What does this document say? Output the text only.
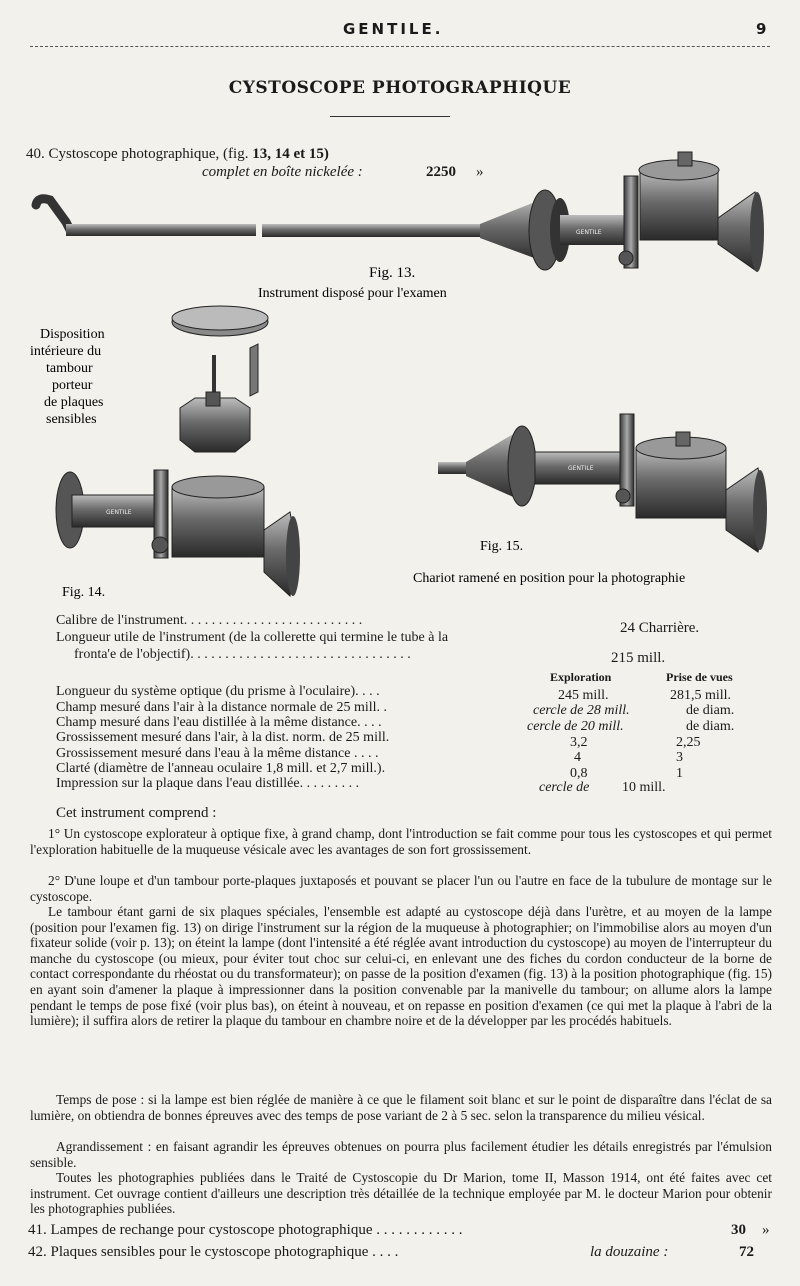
GENTILE.	9
CYSTOSCOPE PHOTOGRAPHIQUE
40. Cystoscope photographique, (fig. 13, 14 et 15)
complet en boîte nickelée :	2250 »
GENTILE
Fig. 13.
Instrument disposé pour l'examen
Disposition
intérieure du
tambour
porteur
de plaques
sensibles
GENTILE
Fig. 14.
GENTILE
Fig. 15.
Chariot ramené en position pour la photographie
Calibre de l'instrument. . . . . . . . . . . . . . . . . . . . . . . . . .	24 Charrière.
Longueur utile de l'instrument (de la collerette qui termine le tube à la
fronta'e de l'objectif). . . . . . . . . . . . . . . . . . . . . . . . . . . . . . . .	215 mill.
Exploration	Prise de vues
Longueur du système optique (du prisme à l'oculaire). . . .	245 mill.	281,5 mill.
Champ mesuré dans l'air à la distance normale de 25 mill. .	cercle de 28 mill.	de diam.
Champ mesuré dans l'eau distillée à la même distance. . . .	cercle de 20 mill.	de diam.
Grossissement mesuré dans l'air, à la dist. norm. de 25 mill.	3,2	2,25
Grossissement mesuré dans l'eau à la même distance . . . .	4	3
Clarté (diamètre de l'anneau oculaire 1,8 mill. et 2,7 mill.).	0,8	1
Impression sur la plaque dans l'eau distillée. . . . . . . . .	cercle de 10 mill.
Cet instrument comprend :
1° Un cystoscope explorateur à optique fixe, à grand champ, dont l'introduction se fait comme pour tous les cystoscopes et qui permet l'exploration habituelle de la muqueuse vésicale avec les avantages de son fort grossissement.
2° D'une loupe et d'un tambour porte-plaques juxtaposés et pouvant se placer l'un ou l'autre en face de la tubulure de montage sur le cystoscope.
Le tambour étant garni de six plaques spéciales, l'ensemble est adapté au cystoscope déjà dans l'urètre, et au moyen de la lampe (position pour l'examen fig. 13) on dirige l'instrument sur la région de la muqueuse à photographier; on l'immobilise alors au moyen d'un fixateur solide (voir p. 13); on éteint la lampe (dont l'intensité a été réglée avant introduction du cystoscope) au moyen de l'interrupteur du manche du cystoscope (ou mieux, pour éviter tout choc sur celui-ci, en enlevant une des fiches du cordon conducteur de la borne de contact correspondante du rhéostat ou du transformateur); on passe de la position d'examen (fig. 13) à la position photographique (fig. 15) en ayant soin d'amener la plaque à impressionner dans la position convenable par la manivelle du tambour; on allume alors la lampe pendant le temps de pose fixé (voir plus bas), on éteint à nouveau, et on repasse en position d'examen (ce qui met la plaque à l'abri de la lumière); il suffira alors de retirer la plaque du tambour en chambre noire et de la développer par les procédés habituels.
Temps de pose : si la lampe est bien réglée de manière à ce que le filament soit blanc et sur le point de disparaître dans l'éclat de sa lumière, on obtiendra de bonnes épreuves avec des temps de pose variant de 2 à 5 sec. selon la transparence du milieu vésical.
Agrandissement : en faisant agrandir les épreuves obtenues on pourra plus facilement étudier les détails enregistrés par l'émulsion sensible.
Toutes les photographies publiées dans le Traité de Cystoscopie du Dr Marion, tome II, Masson 1914, ont été faites avec cet instrument. Cet ouvrage contient d'ailleurs une description très détaillée de la technique employée par M. le docteur Marion pour obtenir les photographies publiées.
41. Lampes de rechange pour cystoscope photographique . . . . . . . . . . . .	30 »
42. Plaques sensibles pour le cystoscope photographique . . . .	la douzaine :	72
